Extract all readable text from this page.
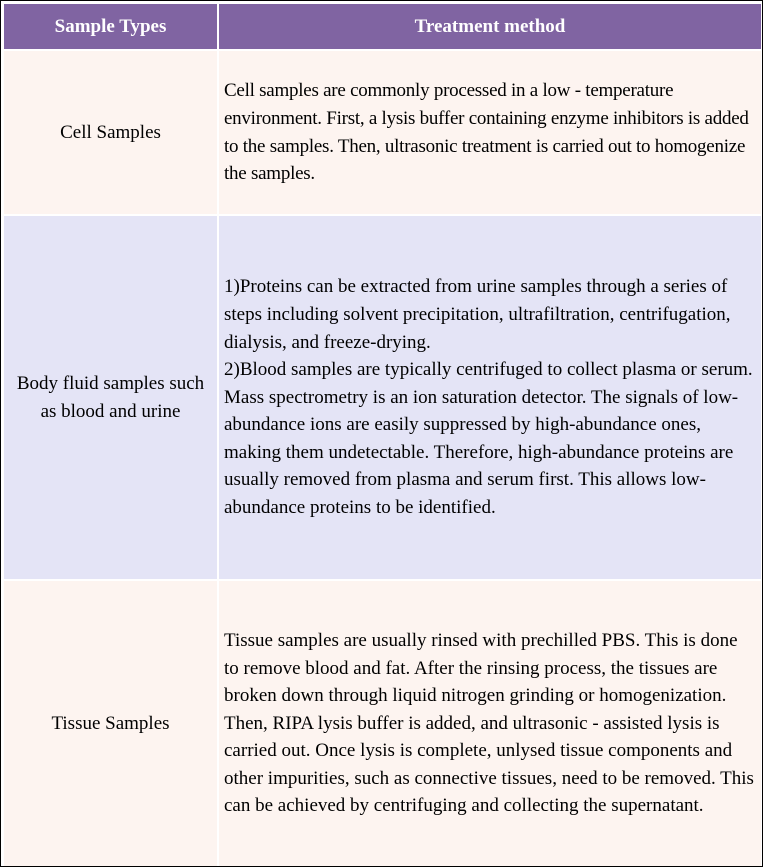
Sample Types	Treatment method
Cell Samples	Cell samples are commonly processed in a low - temperature environment. First, a lysis buffer containing enzyme inhibitors is added to the samples. Then, ultrasonic treatment is carried out to homogenize the samples.

Body fluid samples such as blood and urine	1)Proteins can be extracted from urine samples through a series of steps including solvent precipitation, ultrafiltration, centrifugation, dialysis, and freeze-drying.
2)Blood samples are typically centrifuged to collect plasma or serum.
Mass spectrometry is an ion saturation detector. The signals of low-abundance ions are easily suppressed by high-abundance ones, making them undetectable. Therefore, high-abundance proteins are usually removed from plasma and serum first. This allows low-abundance proteins to be identified.

Tissue Samples	Tissue samples are usually rinsed with prechilled PBS. This is done to remove blood and fat. After the rinsing process, the tissues are broken down through liquid nitrogen grinding or homogenization. Then, RIPA lysis buffer is added, and ultrasonic - assisted lysis is carried out. Once lysis is complete, unlysed tissue components and other impurities, such as connective tissues, need to be removed. This can be achieved by centrifuging and collecting the supernatant.
